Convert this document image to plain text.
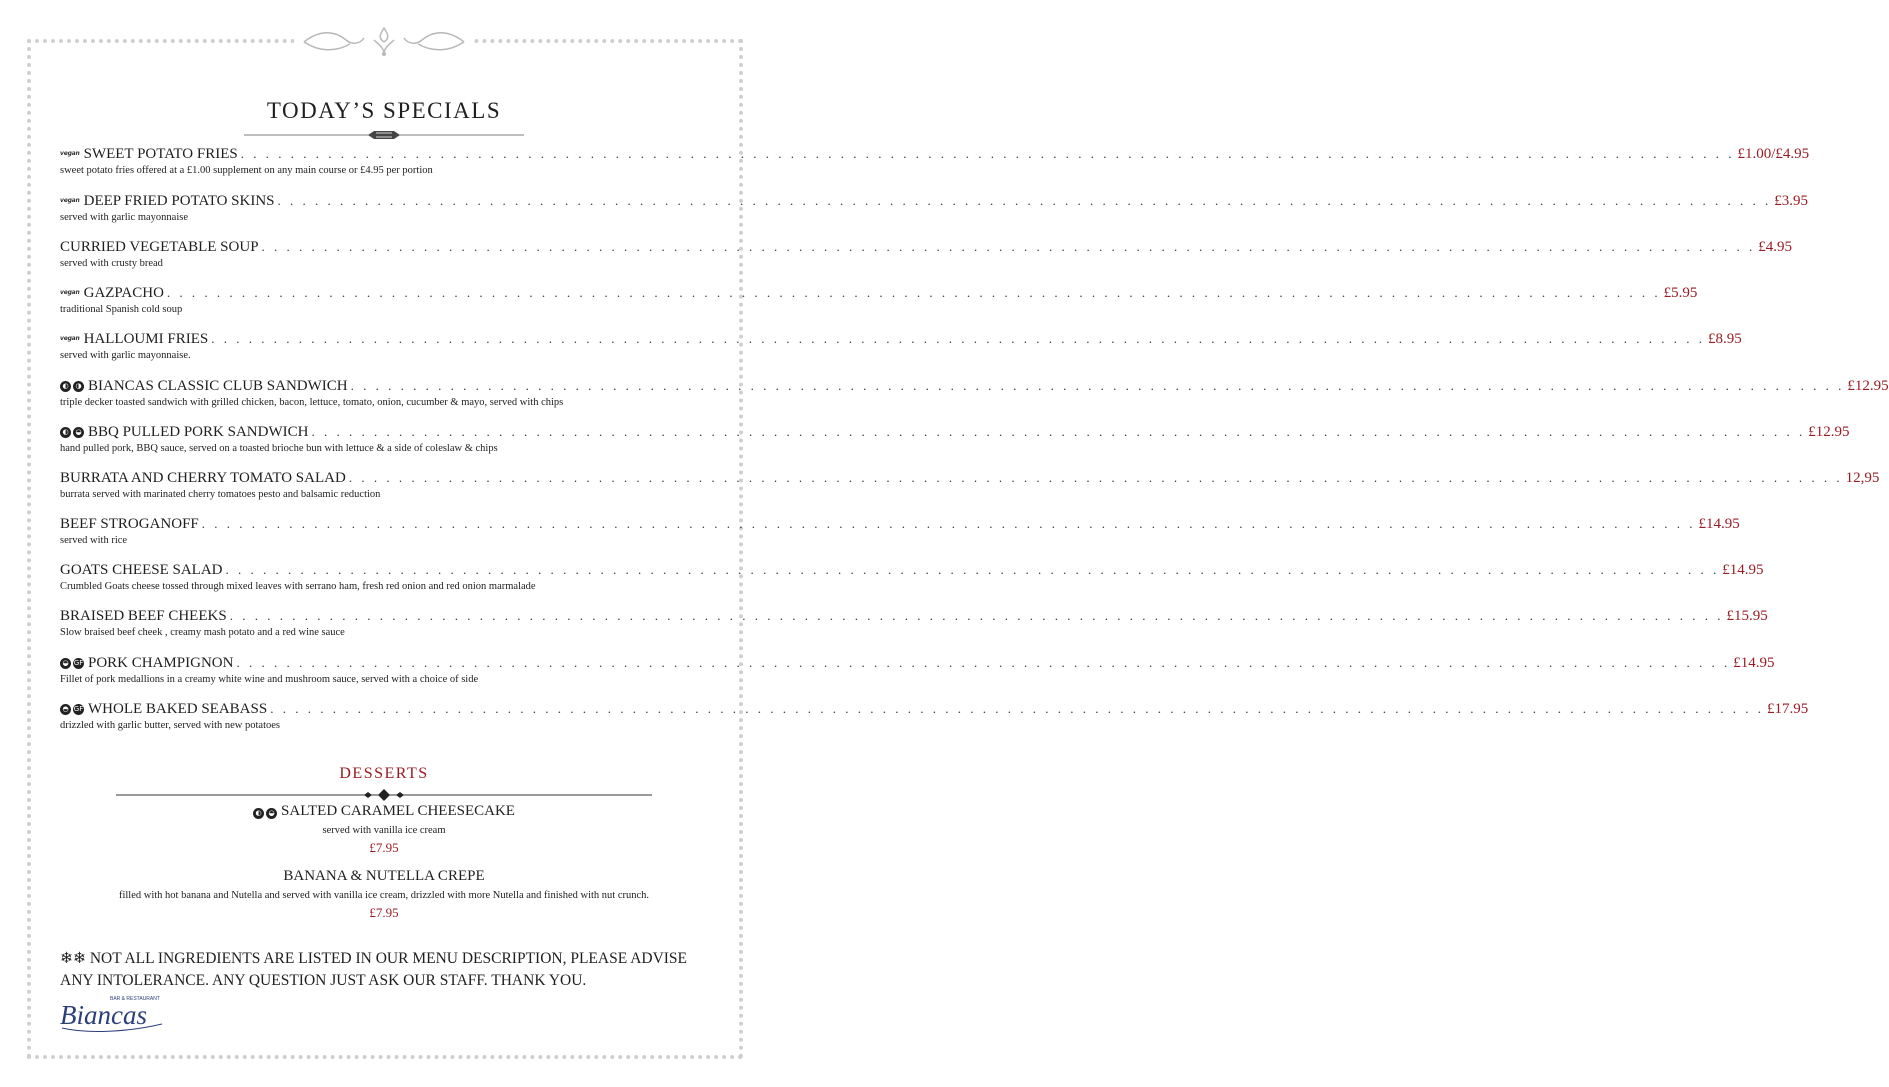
TODAY’S SPECIALS
vegan SWEET POTATO FRIES . . . . . . . . . . . . . . . . . . . . . . . . . . . . . . . . . . . . . . . . . . . . . . . . . . . . . . . . . . . . . . . . . . . . . . . . . . . . . . . . . . . . . . . . . . . . . . . . . . . . . . . . . . . . . . . . . . . . . . . . £1.00/£4.95
sweet potato fries offered at a £1.00 supplement on any main course or £4.95 per portion
vegan DEEP FRIED POTATO SKINS . . . . . . . . . . . . . . . . . . . . . . . . . . . . . . . . . . . . . . . . . . . . . . . . . . . . . . . . . . . . . . . . . . . . . . . . . . . . . . . . . . . . . . . . . . . . . . . . . . . . . . . . . . . . . . . . . . . . . . . . £3.95
served with garlic mayonnaise
CURRIED VEGETABLE SOUP . . . . . . . . . . . . . . . . . . . . . . . . . . . . . . . . . . . . . . . . . . . . . . . . . . . . . . . . . . . . . . . . . . . . . . . . . . . . . . . . . . . . . . . . . . . . . . . . . . . . . . . . . . . . . . . . . . . . . . . . £4.95
served with crusty bread
vegan GAZPACHO . . . . . . . . . . . . . . . . . . . . . . . . . . . . . . . . . . . . . . . . . . . . . . . . . . . . . . . . . . . . . . . . . . . . . . . . . . . . . . . . . . . . . . . . . . . . . . . . . . . . . . . . . . . . . . . . . . . . . . . . £5.95
traditional Spanish cold soup
vegan HALLOUMI FRIES . . . . . . . . . . . . . . . . . . . . . . . . . . . . . . . . . . . . . . . . . . . . . . . . . . . . . . . . . . . . . . . . . . . . . . . . . . . . . . . . . . . . . . . . . . . . . . . . . . . . . . . . . . . . . . . . . . . . . . . . £8.95
served with garlic mayonnaise.
◐ ◑ BIANCAS CLASSIC CLUB SANDWICH . . . . . . . . . . . . . . . . . . . . . . . . . . . . . . . . . . . . . . . . . . . . . . . . . . . . . . . . . . . . . . . . . . . . . . . . . . . . . . . . . . . . . . . . . . . . . . . . . . . . . . . . . . . . . . . . . . . . . . . . £12.95
triple decker toasted sandwich with grilled chicken, bacon, lettuce, tomato, onion, cucumber & mayo, served with chips
◐ ◒ BBQ PULLED PORK SANDWICH . . . . . . . . . . . . . . . . . . . . . . . . . . . . . . . . . . . . . . . . . . . . . . . . . . . . . . . . . . . . . . . . . . . . . . . . . . . . . . . . . . . . . . . . . . . . . . . . . . . . . . . . . . . . . . . . . . . . . . . . £12.95
hand pulled pork, BBQ sauce, served on a toasted brioche bun with lettuce & a side of coleslaw & chips
BURRATA AND CHERRY TOMATO SALAD . . . . . . . . . . . . . . . . . . . . . . . . . . . . . . . . . . . . . . . . . . . . . . . . . . . . . . . . . . . . . . . . . . . . . . . . . . . . . . . . . . . . . . . . . . . . . . . . . . . . . . . . . . . . . . . . . . . . . . . . 12,95
burrata served with marinated cherry tomatoes pesto and balsamic reduction
BEEF STROGANOFF . . . . . . . . . . . . . . . . . . . . . . . . . . . . . . . . . . . . . . . . . . . . . . . . . . . . . . . . . . . . . . . . . . . . . . . . . . . . . . . . . . . . . . . . . . . . . . . . . . . . . . . . . . . . . . . . . . . . . . . . £14.95
served with rice
GOATS CHEESE SALAD . . . . . . . . . . . . . . . . . . . . . . . . . . . . . . . . . . . . . . . . . . . . . . . . . . . . . . . . . . . . . . . . . . . . . . . . . . . . . . . . . . . . . . . . . . . . . . . . . . . . . . . . . . . . . . . . . . . . . . . . £14.95
Crumbled Goats cheese tossed through mixed leaves with serrano ham, fresh red onion and red onion marmalade
BRAISED BEEF CHEEKS . . . . . . . . . . . . . . . . . . . . . . . . . . . . . . . . . . . . . . . . . . . . . . . . . . . . . . . . . . . . . . . . . . . . . . . . . . . . . . . . . . . . . . . . . . . . . . . . . . . . . . . . . . . . . . . . . . . . . . . . £15.95
Slow braised beef cheek , creamy mash potato and a red wine sauce
◒ GF PORK CHAMPIGNON . . . . . . . . . . . . . . . . . . . . . . . . . . . . . . . . . . . . . . . . . . . . . . . . . . . . . . . . . . . . . . . . . . . . . . . . . . . . . . . . . . . . . . . . . . . . . . . . . . . . . . . . . . . . . . . . . . . . . . . . £14.95
Fillet of pork medallions in a creamy white wine and mushroom sauce, served with a choice of side
◓ GF WHOLE BAKED SEABASS . . . . . . . . . . . . . . . . . . . . . . . . . . . . . . . . . . . . . . . . . . . . . . . . . . . . . . . . . . . . . . . . . . . . . . . . . . . . . . . . . . . . . . . . . . . . . . . . . . . . . . . . . . . . . . . . . . . . . . . . £17.95
drizzled with garlic butter, served with new potatoes
DESSERTS
◐ ◒ SALTED CARAMEL CHEESECAKE
served with vanilla ice cream
£7.95
BANANA & NUTELLA CREPE
filled with hot banana and Nutella and served with vanilla ice cream, drizzled with more Nutella and finished with nut crunch.
£7.95
❄❄ NOT ALL INGREDIENTS ARE LISTED IN OUR MENU DESCRIPTION, PLEASE ADVISE
ANY INTOLERANCE. ANY QUESTION JUST ASK OUR STAFF. THANK YOU.
BAR & RESTAURANT
Biancas
